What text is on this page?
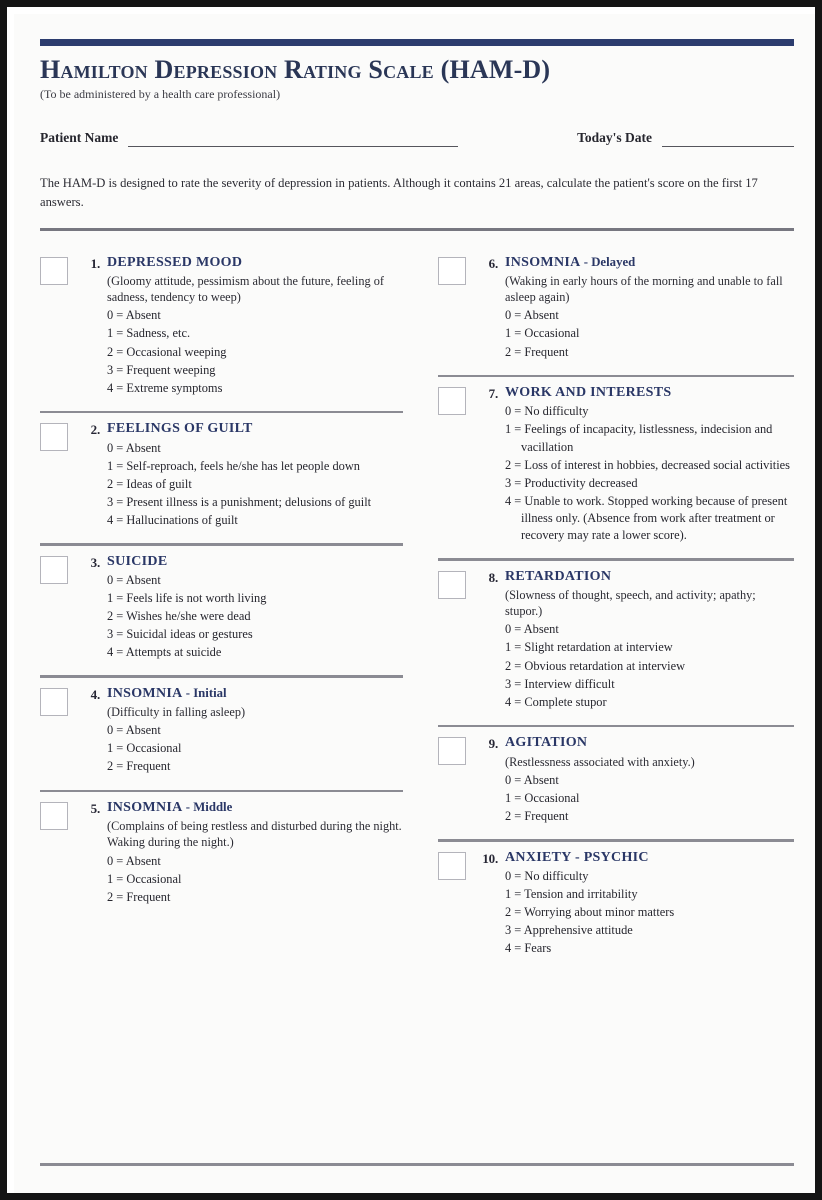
Hamilton Depression Rating Scale (HAM-D)
(To be administered by a health care professional)
Patient Name	Today's Date
The HAM-D is designed to rate the severity of depression in patients. Although it contains 21 areas, calculate the patient's score on the first 17 answers.
1. DEPRESSED MOOD
(Gloomy attitude, pessimism about the future, feeling of sadness, tendency to weep)
0 = Absent
1 = Sadness, etc.
2 = Occasional weeping
3 = Frequent weeping
4 = Extreme symptoms
2. FEELINGS OF GUILT
0 = Absent
1 = Self-reproach, feels he/she has let people down
2 = Ideas of guilt
3 = Present illness is a punishment; delusions of guilt
4 = Hallucinations of guilt
3. SUICIDE
0 = Absent
1 = Feels life is not worth living
2 = Wishes he/she were dead
3 = Suicidal ideas or gestures
4 = Attempts at suicide
4. INSOMNIA - Initial
(Difficulty in falling asleep)
0 = Absent
1 = Occasional
2 = Frequent
5. INSOMNIA - Middle
(Complains of being restless and disturbed during the night. Waking during the night.)
0 = Absent
1 = Occasional
2 = Frequent
6. INSOMNIA - Delayed
(Waking in early hours of the morning and unable to fall asleep again)
0 = Absent
1 = Occasional
2 = Frequent
7. WORK AND INTERESTS
0 = No difficulty
1 = Feelings of incapacity, listlessness, indecision and vacillation
2 = Loss of interest in hobbies, decreased social activities
3 = Productivity decreased
4 = Unable to work. Stopped working because of present illness only. (Absence from work after treatment or recovery may rate a lower score).
8. RETARDATION
(Slowness of thought, speech, and activity; apathy; stupor.)
0 = Absent
1 = Slight retardation at interview
2 = Obvious retardation at interview
3 = Interview difficult
4 = Complete stupor
9. AGITATION
(Restlessness associated with anxiety.)
0 = Absent
1 = Occasional
2 = Frequent
10. ANXIETY - PSYCHIC
0 = No difficulty
1 = Tension and irritability
2 = Worrying about minor matters
3 = Apprehensive attitude
4 = Fears
